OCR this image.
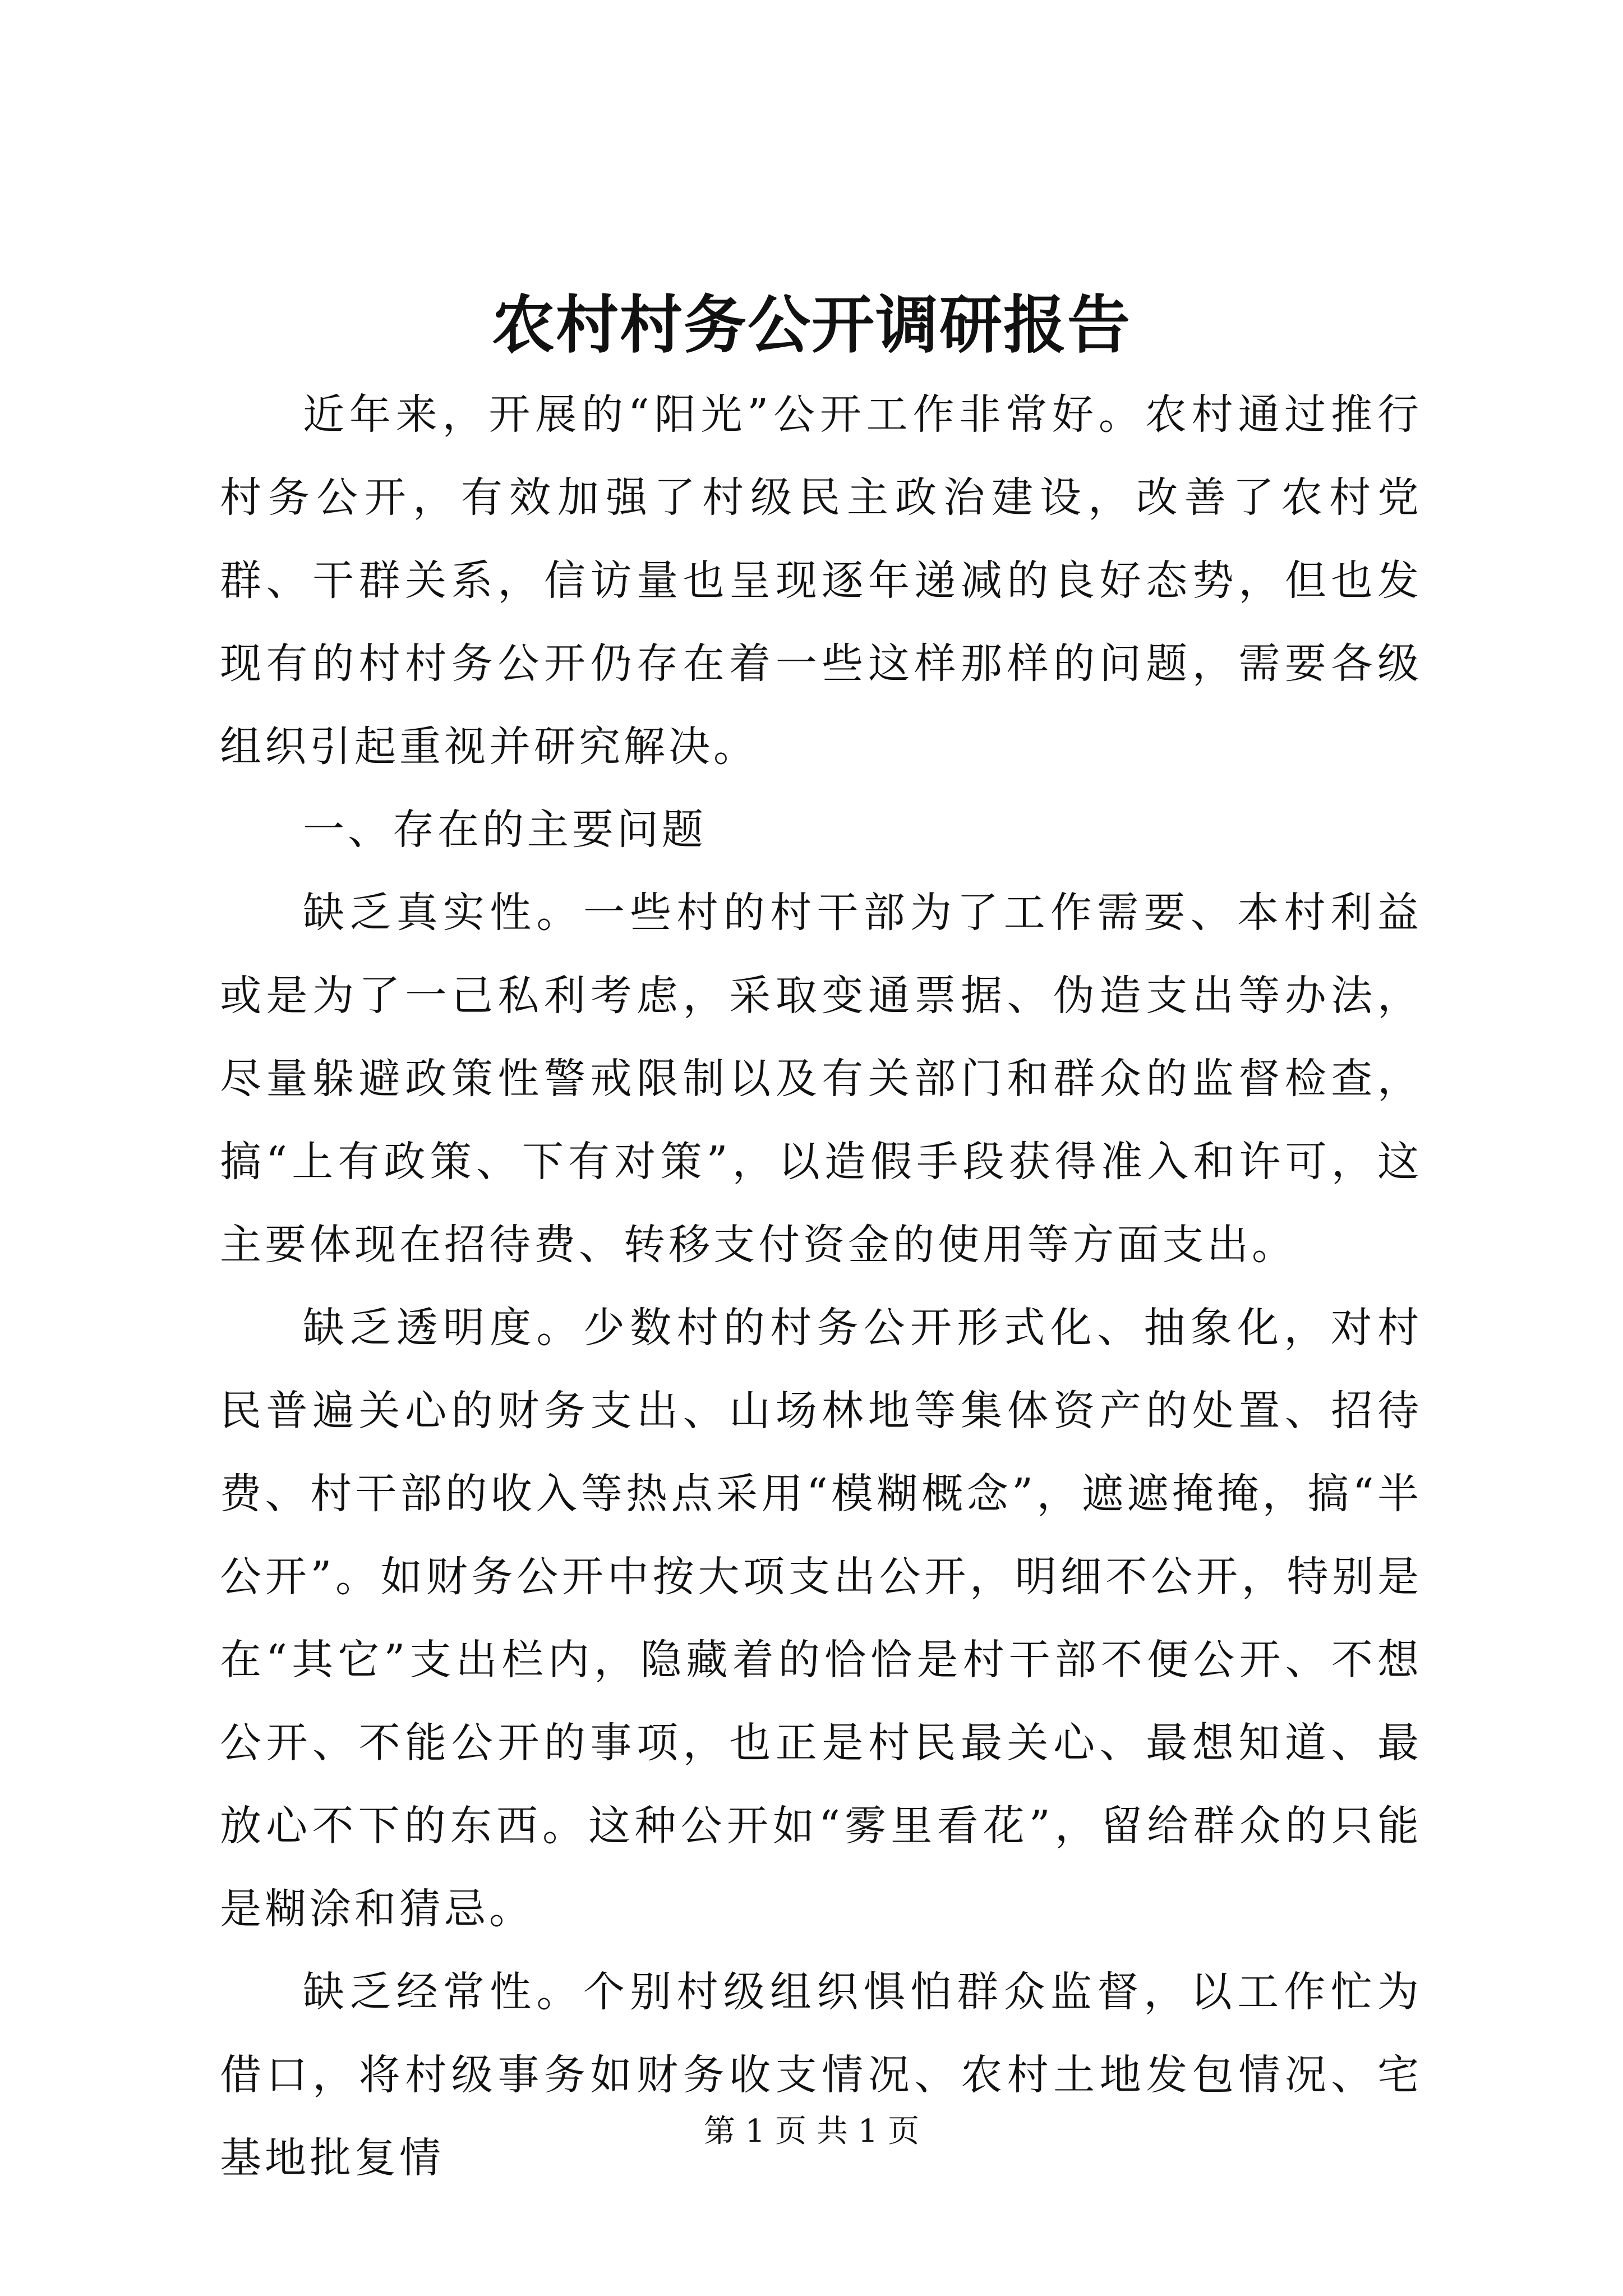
农村村务公开调研报告

近年来，开展的“阳光”公开工作非常好。农村通过推行村务公开，有效加强了村级民主政治建设，改善了农村党群、干群关系，信访量也呈现逐年递减的良好态势，但也发现有的村村务公开仍存在着一些这样那样的问题，需要各级组织引起重视并研究解决。

一、存在的主要问题

缺乏真实性。一些村的村干部为了工作需要、本村利益或是为了一己私利考虑，采取变通票据、伪造支出等办法，尽量躲避政策性警戒限制以及有关部门和群众的监督检查，搞“上有政策、下有对策”，以造假手段获得准入和许可，这主要体现在招待费、转移支付资金的使用等方面支出。

缺乏透明度。少数村的村务公开形式化、抽象化，对村民普遍关心的财务支出、山场林地等集体资产的处置、招待费、村干部的收入等热点采用“模糊概念”，遮遮掩掩，搞“半公开”。如财务公开中按大项支出公开，明细不公开，特别是在“其它”支出栏内，隐藏着的恰恰是村干部不便公开、不想公开、不能公开的事项，也正是村民最关心、最想知道、最放心不下的东西。这种公开如“雾里看花”，留给群众的只能是糊涂和猜忌。

缺乏经常性。个别村级组织惧怕群众监督，以工作忙为借口，将村级事务如财务收支情况、农村土地发包情况、宅基地批复情

第 1 页 共 1 页
